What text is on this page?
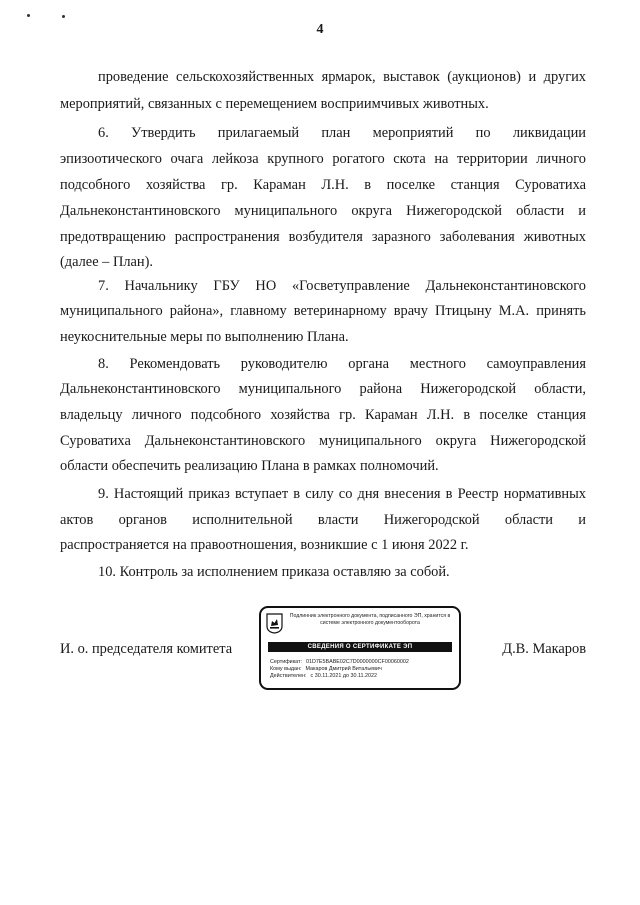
4
проведение сельскохозяйственных ярмарок, выставок (аукционов) и других
мероприятий, связанных с перемещением восприимчивых животных.
6. Утвердить прилагаемый план мероприятий по ликвидации
эпизоотического очага лейкоза крупного рогатого скота на территории личного
подсобного хозяйства гр. Караман Л.Н. в поселке станция Суроватиха
Дальнеконстантиновского муниципального округа Нижегородской области и
предотвращению распространения возбудителя заразного заболевания животных
(далее – План).
7. Начальнику ГБУ НО «Госветуправление Дальнеконстантиновского
муниципального района», главному ветеринарному врачу Птицыну М.А. принять
неукоснительные меры по выполнению Плана.
8. Рекомендовать руководителю органа местного самоуправления
Дальнеконстантиновского муниципального района Нижегородской области,
владельцу личного подсобного хозяйства гр. Караман Л.Н. в поселке станция
Суроватиха Дальнеконстантиновского муниципального округа Нижегородской
области обеспечить реализацию Плана в рамках полномочий.
9. Настоящий приказ вступает в силу со дня внесения в Реестр нормативных
актов органов исполнительной власти Нижегородской области и
распространяется на правоотношения, возникшие с 1 июня 2022 г.
10. Контроль за исполнением приказа оставляю за собой.
И. о. председателя комитета
Подлинник электронного документа, подписанного ЭП, хранится в системе электронного документооборота
СВЕДЕНИЯ О СЕРТИФИКАТЕ ЭП
Сертификат: 01D7E5BABE02C7D0000000CF00060002
Кому выдан: Макаров Дмитрий Витальевич
Действителен: с 30.11.2021 до 30.11.2022
Д.В. Макаров
